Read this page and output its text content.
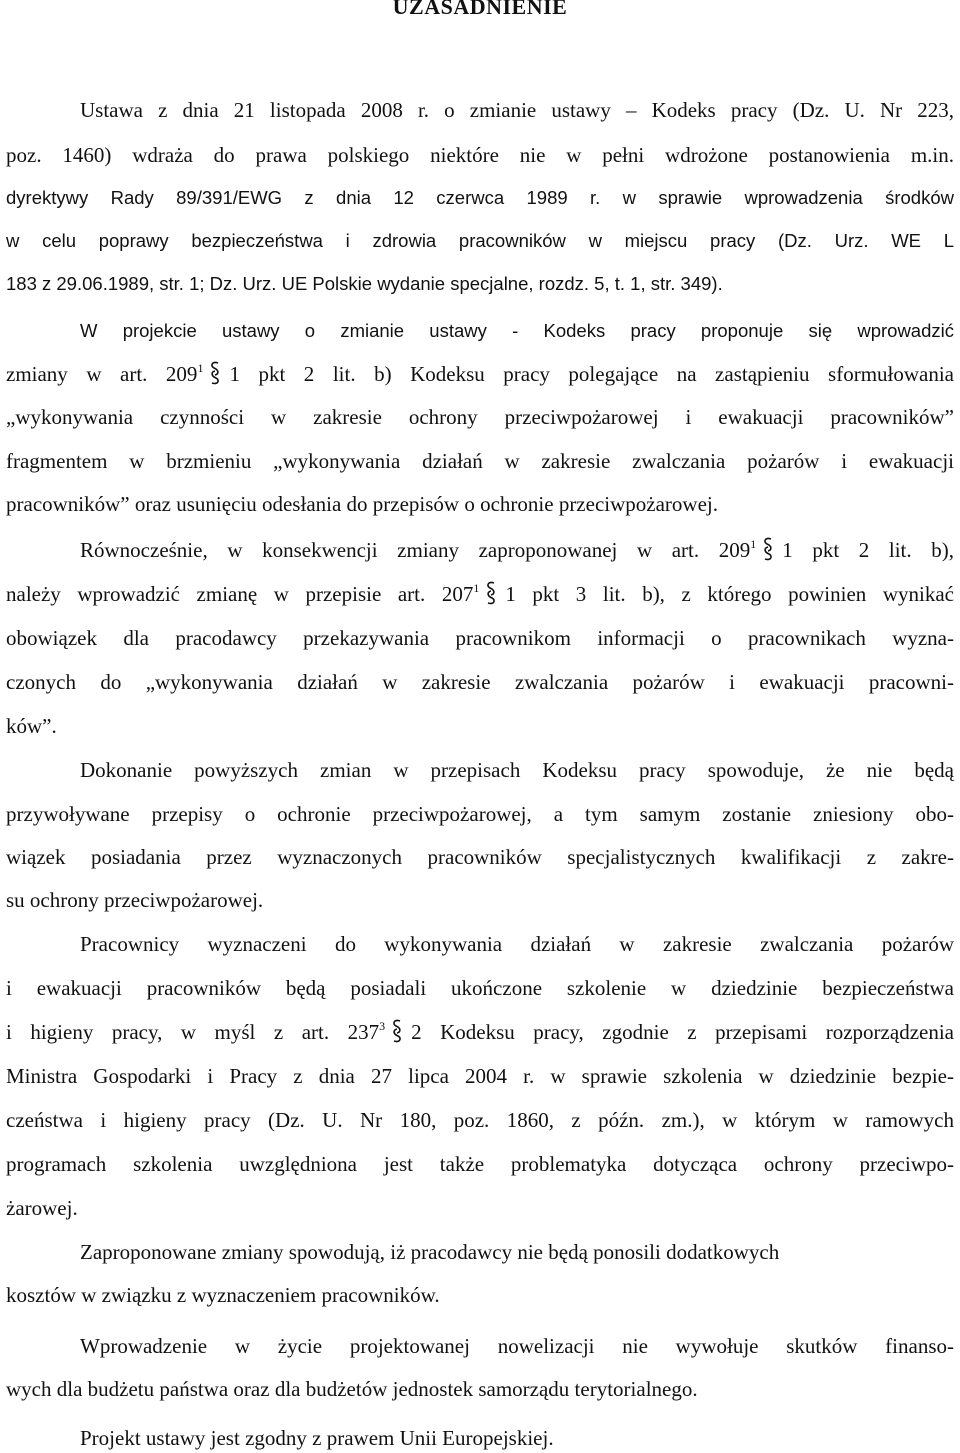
UZASADNIENIE
Ustawa z dnia 21 listopada 2008 r. o zmianie ustawy – Kodeks pracy (Dz. U. Nr 223,
poz. 1460) wdraża do prawa polskiego niektóre nie w pełni wdrożone postanowienia m.in.
dyrektywy Rady 89/391/EWG z dnia 12 czerwca 1989 r. w sprawie wprowadzenia środków
w celu poprawy bezpieczeństwa i zdrowia pracowników w miejscu pracy (Dz. Urz. WE L
183 z 29.06.1989, str. 1; Dz. Urz. UE Polskie wydanie specjalne, rozdz. 5, t. 1, str. 349).
W projekcie ustawy o zmianie ustawy - Kodeks pracy proponuje się wprowadzić
zmiany w art. $209^1$ 1 pkt 2 lit. b) Kodeksu pracy polegające na zastąpieniu sformułowania
„wykonywania czynności w zakresie ochrony przeciwpożarowej i ewakuacji pracowników”
fragmentem w brzmieniu „wykonywania działań w zakresie zwalczania pożarów i ewakuacji
pracowników” oraz usunięciu odesłania do przepisów o ochronie przeciwpożarowej.
Równocześnie, w konsekwencji zmiany zaproponowanej w art. $209^1$ 1 pkt 2 lit. b),
należy wprowadzić zmianę w przepisie art. $207^1$ 1 pkt 3 lit. b), z którego powinien wynikać
obowiązek dla pracodawcy przekazywania pracownikom informacji o pracownikach wyzna-
czonych do „wykonywania działań w zakresie zwalczania pożarów i ewakuacji pracowni-
ków”.
Dokonanie powyższych zmian w przepisach Kodeksu pracy spowoduje, że nie będą
przywoływane przepisy o ochronie przeciwpożarowej, a tym samym zostanie zniesiony obo-
wiązek posiadania przez wyznaczonych pracowników specjalistycznych kwalifikacji z zakre-
su ochrony przeciwpożarowej.
Pracownicy wyznaczeni do wykonywania działań w zakresie zwalczania pożarów
i ewakuacji pracowników będą posiadali ukończone szkolenie w dziedzinie bezpieczeństwa
i higieny pracy, w myśl z art. $237^3$ 2 Kodeksu pracy, zgodnie z przepisami rozporządzenia
Ministra Gospodarki i Pracy z dnia 27 lipca 2004 r. w sprawie szkolenia w dziedzinie bezpie-
czeństwa i higieny pracy (Dz. U. Nr 180, poz. 1860, z późn. zm.), w którym w ramowych
programach szkolenia uwzględniona jest także problematyka dotycząca ochrony przeciwpo-
żarowej.
Zaproponowane zmiany spowodują, iż pracodawcy nie będą ponosili dodatkowych
kosztów w związku z wyznaczeniem pracowników.
Wprowadzenie w życie projektowanej nowelizacji nie wywołuje skutków finanso-
wych dla budżetu państwa oraz dla budżetów jednostek samorządu terytorialnego.
Projekt ustawy jest zgodny z prawem Unii Europejskiej.
